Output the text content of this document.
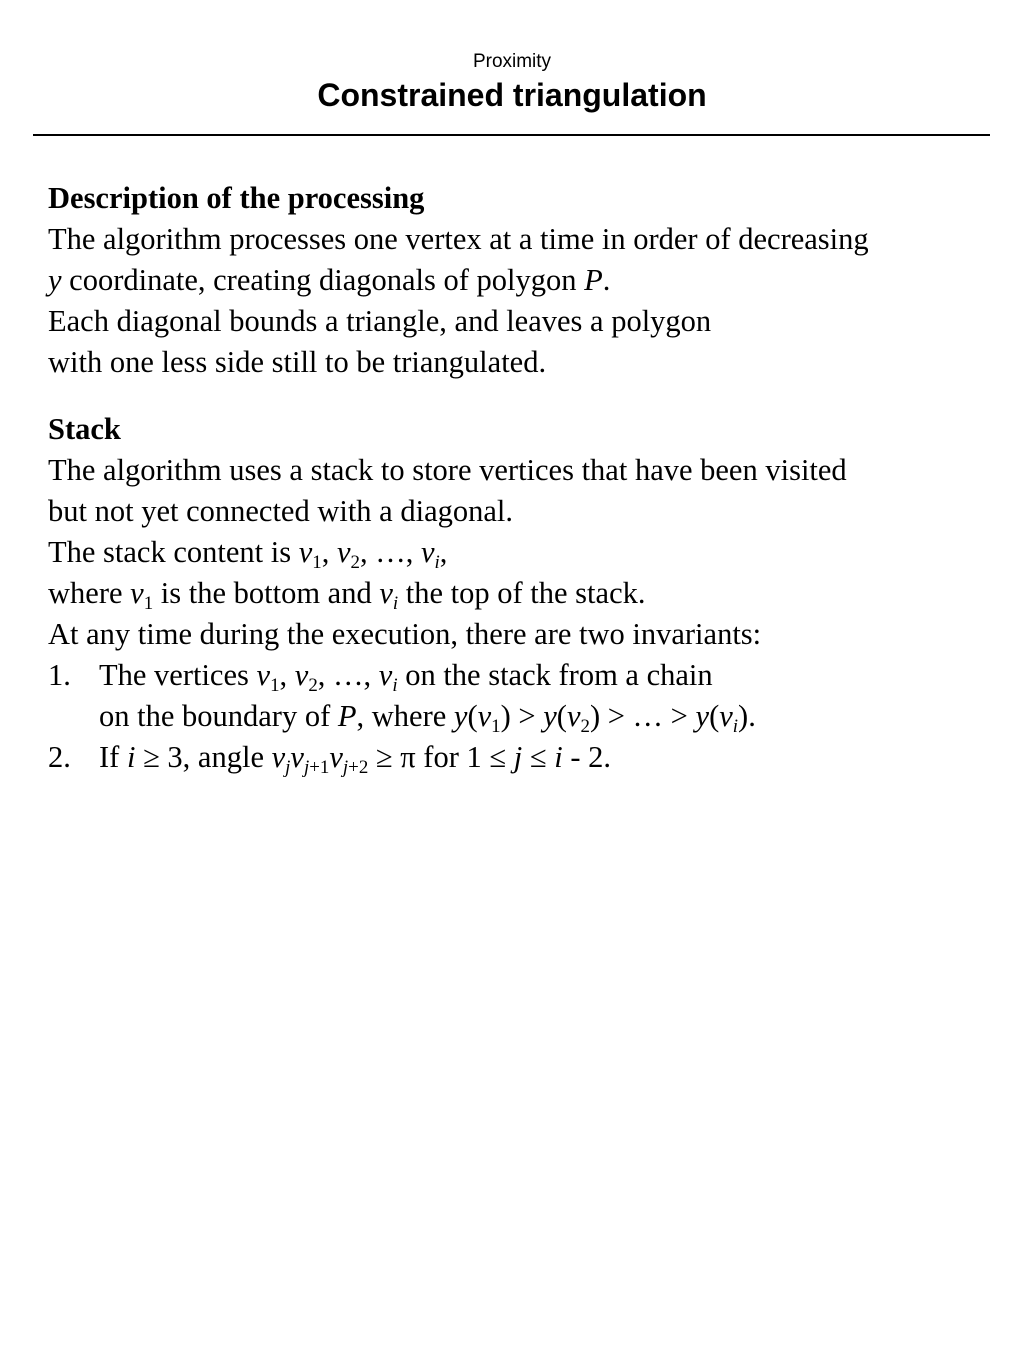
Proximity
Constrained triangulation
Description of the processing
The algorithm processes one vertex at a time in order of decreasing
y coordinate, creating diagonals of polygon P.
Each diagonal bounds a triangle, and leaves a polygon
with one less side still to be triangulated.
Stack
The algorithm uses a stack to store vertices that have been visited
but not yet connected with a diagonal.
The stack content is $v_1$, $v_2$, …, $v_i$,
where $v_1$ is the bottom and $v_i$ the top of the stack.
At any time during the execution, there are two invariants:
1. The vertices $v_1$, $v_2$, …, $v_i$ on the stack from a chain
on the boundary of P, where $y(v_1) > y(v_2)$ > … > $y(v_i)$.
2. If i ≥ 3, angle $v_jv_{j+1}v_{j+2} \ge \pi$ for 1 ≤ j ≤ i - 2.
